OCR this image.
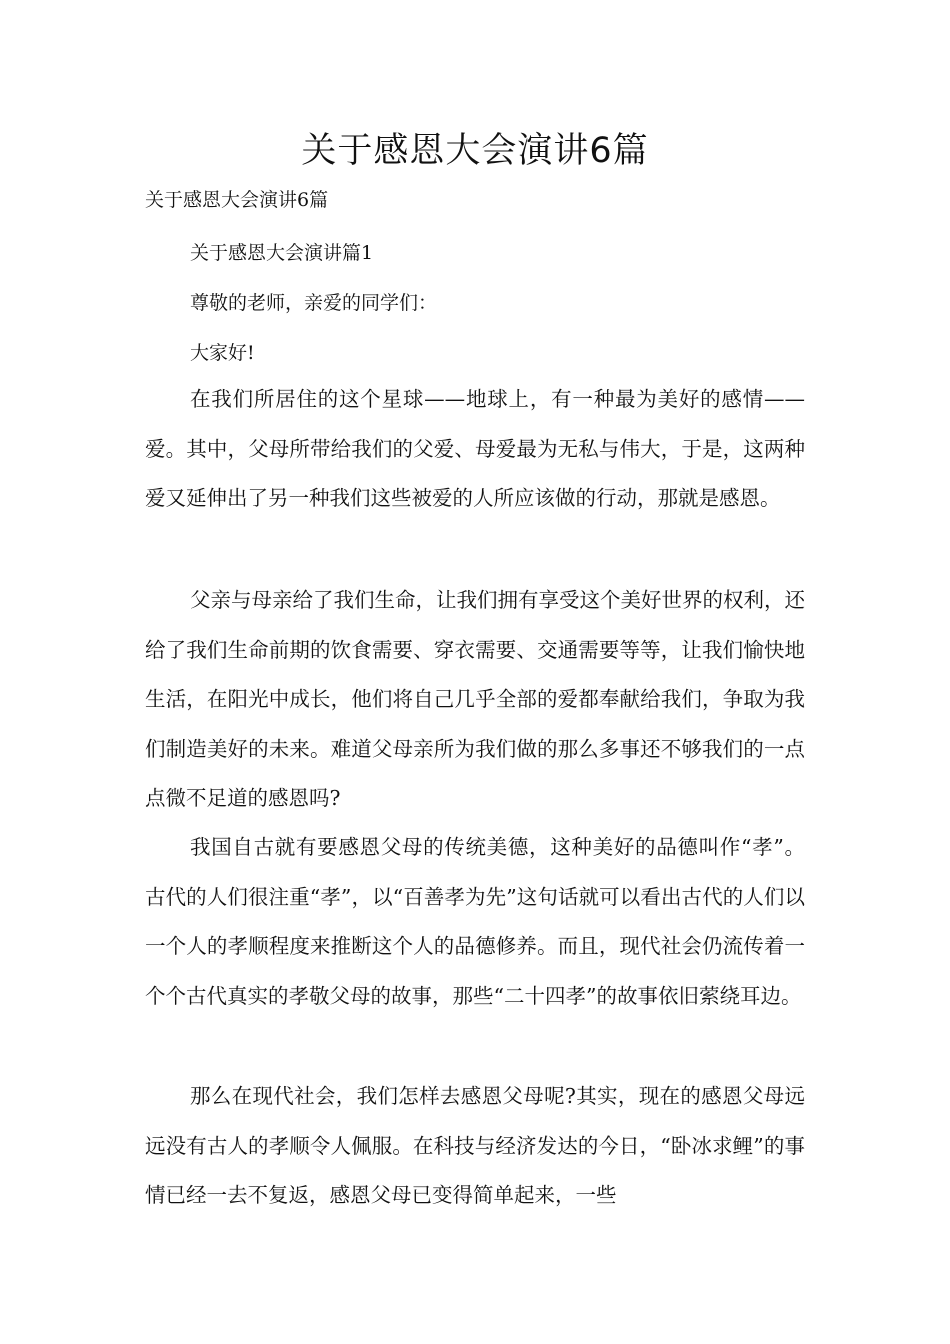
关于感恩大会演讲6篇

关于感恩大会演讲6篇

关于感恩大会演讲篇1

尊敬的老师，亲爱的同学们：

大家好!

在我们所居住的这个星球——地球上，有一种最为美好的感情——爱。其中，父母所带给我们的父爱、母爱最为无私与伟大，于是，这两种爱又延伸出了另一种我们这些被爱的人所应该做的行动，那就是感恩。

父亲与母亲给了我们生命，让我们拥有享受这个美好世界的权利，还给了我们生命前期的饮食需要、穿衣需要、交通需要等等，让我们愉快地生活，在阳光中成长，他们将自己几乎全部的爱都奉献给我们，争取为我们制造美好的未来。难道父母亲所为我们做的那么多事还不够我们的一点点微不足道的感恩吗?

我国自古就有要感恩父母的传统美德，这种美好的品德叫作“孝”。古代的人们很注重“孝”，以“百善孝为先”这句话就可以看出古代的人们以一个人的孝顺程度来推断这个人的品德修养。而且，现代社会仍流传着一个个古代真实的孝敬父母的故事，那些“二十四孝”的故事依旧萦绕耳边。

那么在现代社会，我们怎样去感恩父母呢?其实，现在的感恩父母远远没有古人的孝顺令人佩服。在科技与经济发达的今日，“卧冰求鲤”的事情已经一去不复返，感恩父母已变得简单起来，一些
